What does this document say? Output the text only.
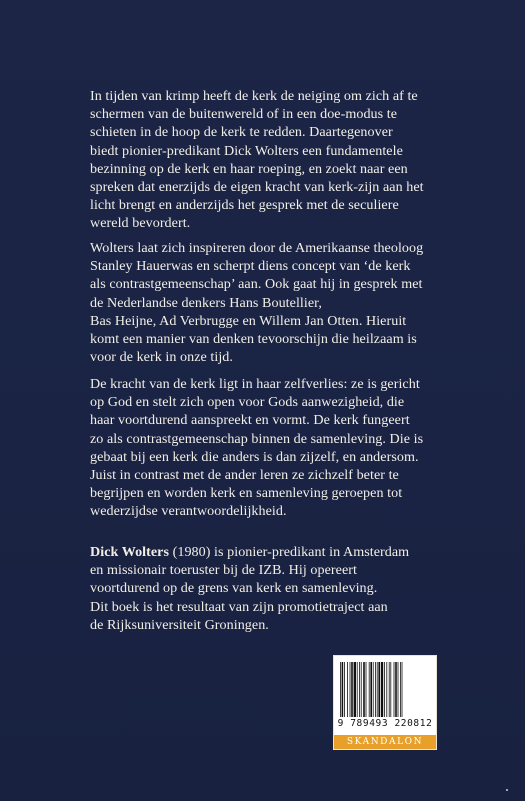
In tijden van krimp heeft de kerk de neiging om zich af te
schermen van de buitenwereld of in een doe-modus te
schieten in de hoop de kerk te redden. Daartegenover
biedt pionier-predikant Dick Wolters een fundamentele
bezinning op de kerk en haar roeping, en zoekt naar een
spreken dat enerzijds de eigen kracht van kerk-zijn aan het
licht brengt en anderzijds het gesprek met de seculiere
wereld bevordert.
Wolters laat zich inspireren door de Amerikaanse theoloog
Stanley Hauerwas en scherpt diens concept van ‘de kerk
als contrastgemeenschap’ aan. Ook gaat hij in gesprek met
de Nederlandse denkers Hans Boutellier,
Bas Heijne, Ad Verbrugge en Willem Jan Otten. Hieruit
komt een manier van denken tevoorschijn die heilzaam is
voor de kerk in onze tijd.
De kracht van de kerk ligt in haar zelfverlies: ze is gericht
op God en stelt zich open voor Gods aanwezigheid, die
haar voortdurend aanspreekt en vormt. De kerk fungeert
zo als contrastgemeenschap binnen de samenleving. Die is
gebaat bij een kerk die anders is dan zijzelf, en andersom.
Juist in contrast met de ander leren ze zichzelf beter te
begrijpen en worden kerk en samenleving geroepen tot
wederzijdse verantwoordelijkheid.
Dick Wolters (1980) is pionier-predikant in Amsterdam
en missionair toeruster bij de IZB. Hij opereert
voortdurend op de grens van kerk en samenleving.
Dit boek is het resultaat van zijn promotietraject aan
de Rijksuniversiteit Groningen.
9 789493 220812
SKANDALON
